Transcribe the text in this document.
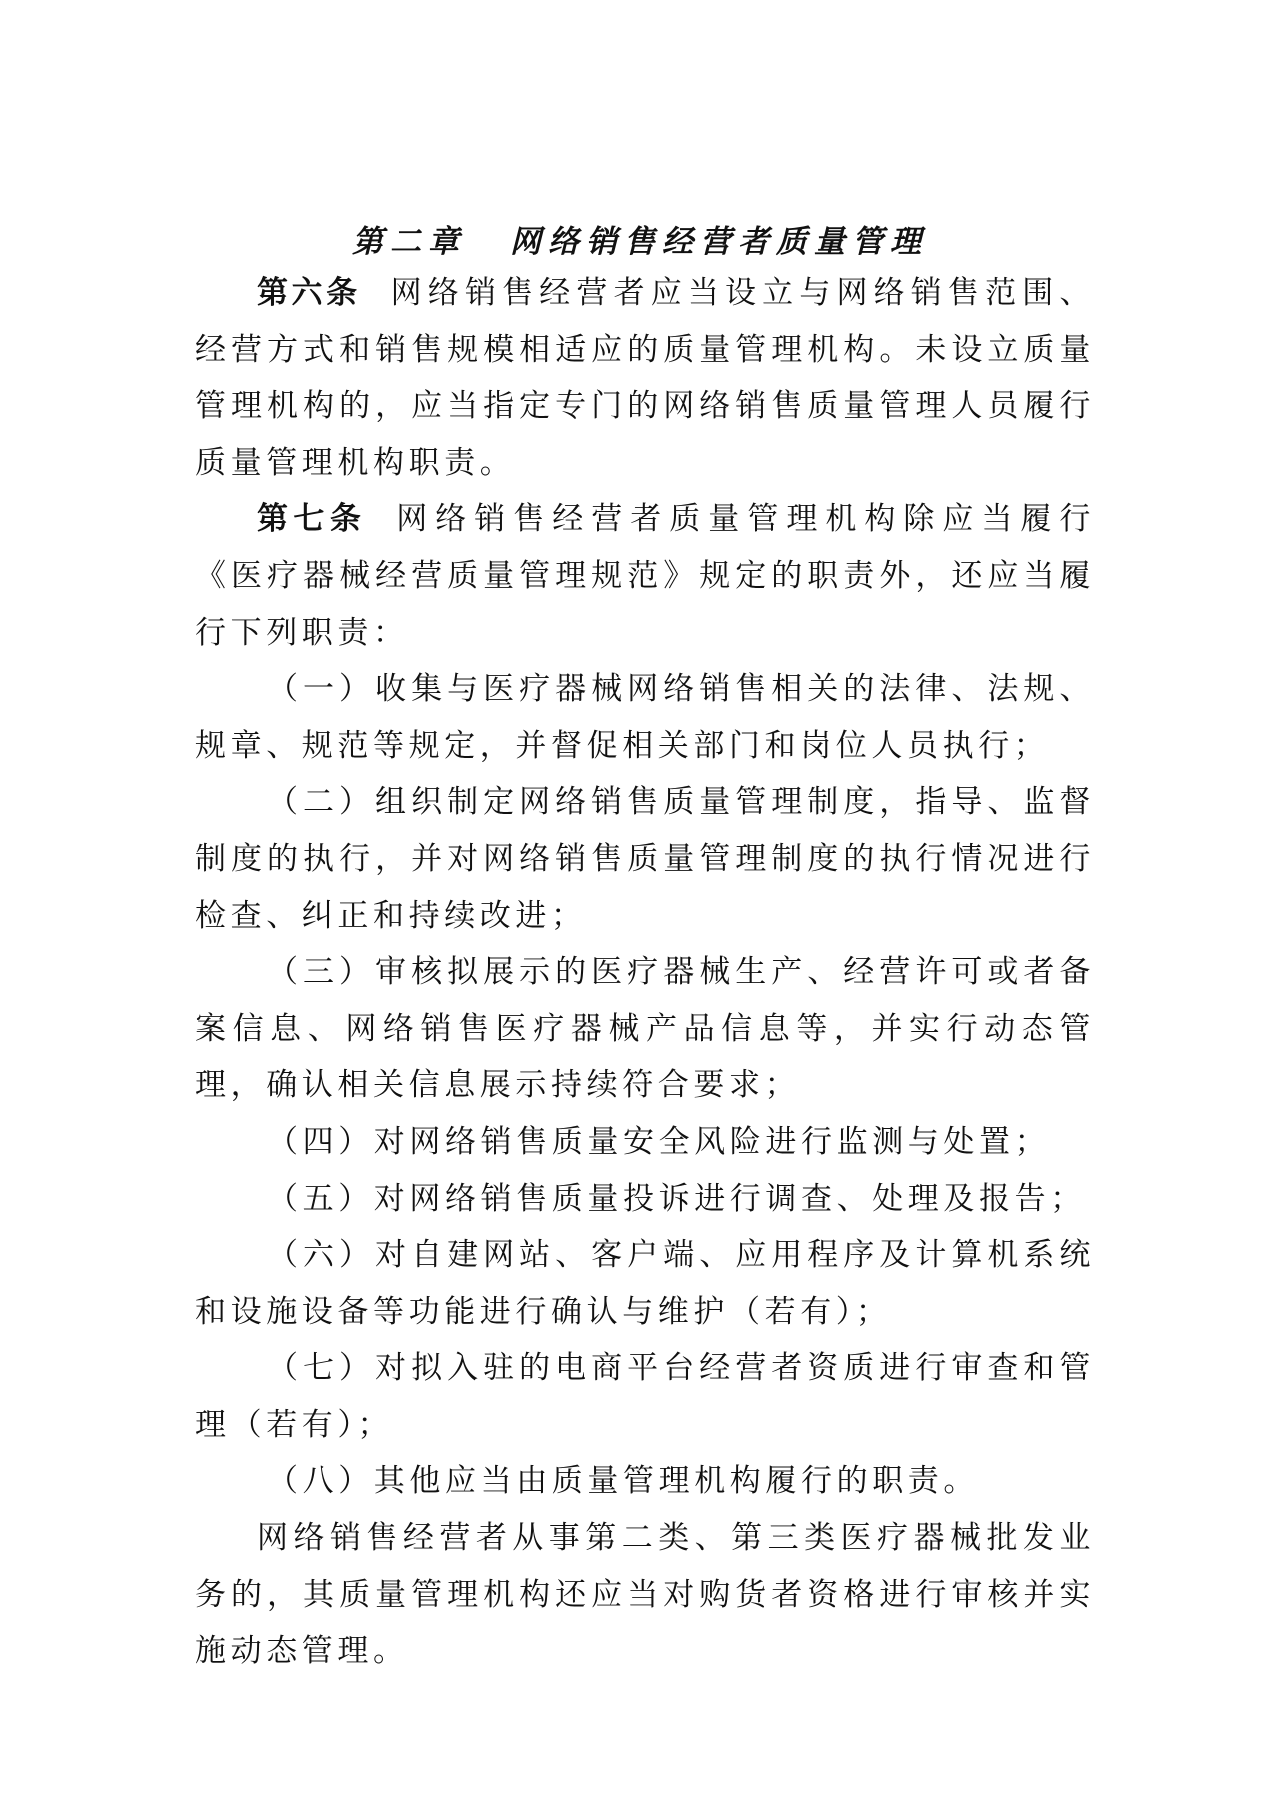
第二章 网络销售经营者质量管理

第六条 网络销售经营者应当设立与网络销售范围、经营方式和销售规模相适应的质量管理机构。未设立质量管理机构的，应当指定专门的网络销售质量管理人员履行质量管理机构职责。

第七条 网络销售经营者质量管理机构除应当履行《医疗器械经营质量管理规范》规定的职责外，还应当履行下列职责：

（一）收集与医疗器械网络销售相关的法律、法规、规章、规范等规定，并督促相关部门和岗位人员执行；

（二）组织制定网络销售质量管理制度，指导、监督制度的执行，并对网络销售质量管理制度的执行情况进行检查、纠正和持续改进；

（三）审核拟展示的医疗器械生产、经营许可或者备案信息、网络销售医疗器械产品信息等，并实行动态管理，确认相关信息展示持续符合要求；

（四）对网络销售质量安全风险进行监测与处置；

（五）对网络销售质量投诉进行调查、处理及报告；

（六）对自建网站、客户端、应用程序及计算机系统和设施设备等功能进行确认与维护（若有）；

（七）对拟入驻的电商平台经营者资质进行审查和管理（若有）；

（八）其他应当由质量管理机构履行的职责。

网络销售经营者从事第二类、第三类医疗器械批发业务的，其质量管理机构还应当对购货者资格进行审核并实施动态管理。
